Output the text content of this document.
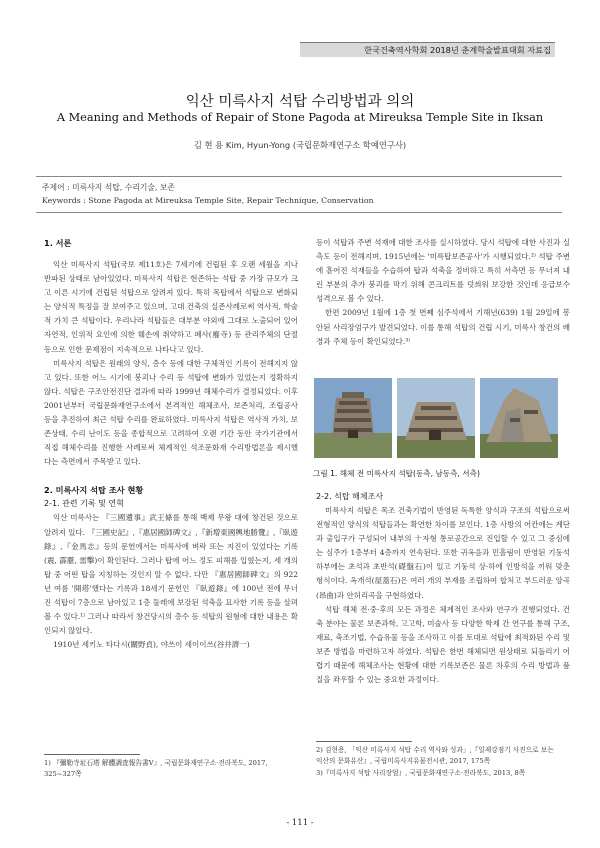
한국건축역사학회 2018년 춘계학술발표대회 자료집
익산 미륵사지 석탑 수리방법과 의의
A Meaning and Methods of Repair of Stone Pagoda at Mireuksa Temple Site in Iksan
김 현 용 Kim, Hyun-Yong (국립문화재연구소 학예연구사)
주제어 : 미륵사지 석탑, 수리기술, 보존
Keywords : Stone Pagoda at Mireuksa Temple Site, Repair Technique, Conservation
1. 서론

익산 미륵사지 석탑(국보 제11호)은 7세기에 건립된 후 오랜 세월을 지나 반파된 상태로 남아있었다. 미륵사지 석탑은 현존하는 석탑 중 가장 규모가 크고 이른 시기에 건립된 석탑으로 알려져 있다. 특히 목탑에서 석탑으로 변화되는 양식적 특징을 잘 보여주고 있으며, 고대 건축의 실존사례로써 역사적, 학술적 가치 큰 석탑이다. 우리나라 석탑들은 대부분 야외에 그대로 노출되어 있어 자연적, 인위적 요인에 의한 훼손에 취약하고 폐사(廢寺) 등 관리주체의 단절 등으로 인한 문제점이 지속적으로 나타나고 있다.

미륵사지 석탑은 원래의 양식, 층수 등에 대한 구체적인 기록이 전해지지 않고 있다. 또한 어느 시기에 붕괴나 수리 등 석탑에 변화가 있었는지 정확하지 않다. 석탑은 구조안전진단 결과에 따라 1999년 해체수리가 결정되었다. 이후 2001년부터 국립문화재연구소에서 본격적인 해체조사, 보존처리, 조립공사 등을 추진하여 최근 석탑 수리를 완료하였다. 미륵사지 석탑은 역사적 가치, 보존상태, 수리 난이도 등을 종합적으로 고려하여 오랜 기간 동안 국가기관에서 직접 해체수리를 진행한 사례로써 체계적인 석조문화재 수리방법론을 제시했다는 측면에서 주목받고 있다.

2. 미륵사지 석탑 조사 현황
2-1. 관련 기록 및 연혁

익산 미륵사는 『三國遺事』武王條를 통해 백제 무왕 대에 창건된 것으로 알려져 있다. 『三國史記』,『惠居國師碑文』,『新增東國輿地勝覽』,『臥遊錄』,『金馬志』등의 문헌에서는 미륵사에 벼락 또는 지진이 있었다는 기록(震, 霹靂, 雷擊)이 확인된다. 그러나 탑에 어느 정도 피해를 입혔는지, 세 개의 탑 중 어떤 탑을 지칭하는 것인지 알 수 없다. 다만 『惠居國師碑文』의 922년 여름 '開塔'했다는 기록과 18세기 문헌인 『臥遊錄』에 100년 전에 무너진 석탑이 7층으로 남아있고 1층 둘레에 보강된 석축을 묘사한 기록 등을 살펴볼 수 있다.¹⁾ 그러나 따라서 창건당시의 층수 등 석탑의 원형에 대한 내용은 확인되지 않았다.

1910년 세키노 타다시(關野貞), 야쓰이 세이이쓰(谷井濟一)

1) 『彌勒寺址石塔 解體調査報告書Ⅴ』, 국립문화재연구소·전라북도, 2017, 325~327쪽

등이 석탑과 주변 석재에 대한 조사를 실시하였다. 당시 석탑에 대한 사진과 실측도 등이 전해지며, 1915년에는 '미륵탑보존공사'가 시행되었다.²⁾ 석탑 주변에 흩어진 석재들을 수습하여 탑과 석축을 정비하고 특히 서측면 등 무너져 내린 부분의 추가 붕괴를 막기 위해 콘크리트를 덧씌워 보강한 것인데 응급보수 성격으로 볼 수 있다.

한편 2009년 1월에 1층 첫 번째 심주석에서 기해년(639) 1월 29일에 봉안된 사리장엄구가 발견되었다. 이를 통해 석탑의 건립 시기, 미륵사 창건의 배경과 주체 등이 확인되었다.³⁾

그림 1. 해체 전 미륵사지 석탑(동측, 남동측, 서측)
2-2. 석탑 해체조사

미륵사지 석탑은 목조 건축기법이 반영된 독특한 양식과 구조의 석탑으로써 전형적인 양식의 석탑들과는 확연한 차이를 보인다. 1층 사방의 어칸에는 계단과 출입구가 구성되어 내부의 十자형 통로공간으로 진입할 수 있고 그 중심에는 심주가 1층부터 4층까지 연속된다. 또한 귀옥음과 민흘림이 반영된 기둥석 하부에는 초석과 초반석(礎盤石)이 있고 기둥석 상·하에 인방석을 끼워 맞춘 형식이다. 옥개석(屋蓋石)은 여러 개의 부재를 조립하여 합처고 부드러운 앙곡(昂曲)과 안허리곡을 구현하였다.

석탑 해체 전·중·후의 모든 과정은 체계적인 조사와 연구가 진행되었다. 건축 분야는 물론 보존과학, 고고학, 미술사 등 다양한 학제 간 연구를 통해 구조, 재료, 축조기법, 수습유물 등을 조사하고 이를 토대로 석탑에 최적화된 수리 및 보존 방법을 마련하고자 하였다. 석탑은 한번 해체되면 원상태로 되돌리기 어렵기 때문에 해체조사는 현황에 대한 기록보존은 물론 차후의 수리 방법과 품질을 좌우할 수 있는 중요한 과정이다.

2) 김현용, 「익산 미륵사지 석탑 수리 역사와 성과」,『일제강점기 사진으로 보는 익산의 문화유산』, 국립미륵사지유물전시관, 2017, 175쪽
3)『미륵사지 석탑 사리장엄』, 국립문화재연구소·전라북도, 2013, 8쪽
- 111 -
